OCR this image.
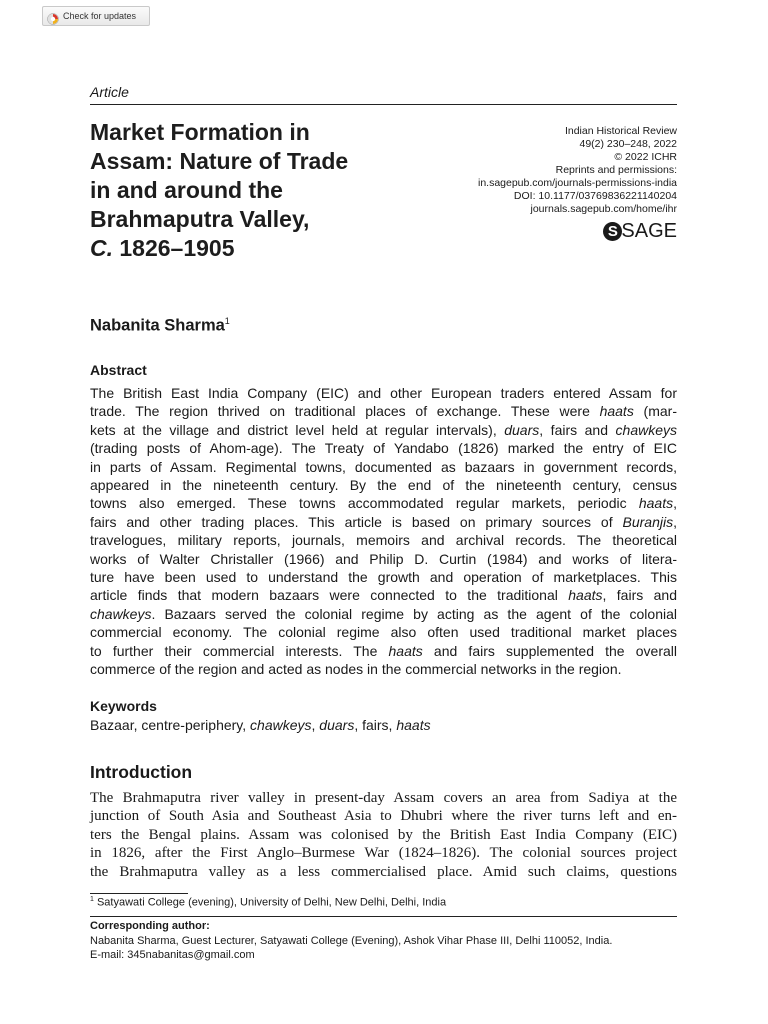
Check for updates
Article
Market Formation in
Assam: Nature of Trade
in and around the
Brahmaputra Valley,
C. 1826–1905
Indian Historical Review
49(2) 230–248, 2022
© 2022 ICHR
Reprints and permissions:
in.sagepub.com/journals-permissions-india
DOI: 10.1177/03769836221140204
journals.sagepub.com/home/ihr
S SAGE
Nabanita Sharma$^1$
Abstract
The British East India Company (EIC) and other European traders entered Assam for
trade. The region thrived on traditional places of exchange. These were haats (mar-
kets at the village and district level held at regular intervals), duars, fairs and chawkeys
(trading posts of Ahom-age). The Treaty of Yandabo (1826) marked the entry of EIC
in parts of Assam. Regimental towns, documented as bazaars in government records,
appeared in the nineteenth century. By the end of the nineteenth century, census
towns also emerged. These towns accommodated regular markets, periodic haats,
fairs and other trading places. This article is based on primary sources of Buranjis,
travelogues, military reports, journals, memoirs and archival records. The theoretical
works of Walter Christaller (1966) and Philip D. Curtin (1984) and works of litera-
ture have been used to understand the growth and operation of marketplaces. This
article finds that modern bazaars were connected to the traditional haats, fairs and
chawkeys. Bazaars served the colonial regime by acting as the agent of the colonial
commercial economy. The colonial regime also often used traditional market places
to further their commercial interests. The haats and fairs supplemented the overall
commerce of the region and acted as nodes in the commercial networks in the region.
Keywords
Bazaar, centre-periphery, chawkeys, duars, fairs, haats
Introduction
The Brahmaputra river valley in present-day Assam covers an area from Sadiya at the
junction of South Asia and Southeast Asia to Dhubri where the river turns left and en-
ters the Bengal plains. Assam was colonised by the British East India Company (EIC)
in 1826, after the First Anglo–Burmese War (1824–1826). The colonial sources project
the Brahmaputra valley as a less commercialised place. Amid such claims, questions
$^1$ Satyawati College (evening), University of Delhi, New Delhi, Delhi, India
Corresponding author:
Nabanita Sharma, Guest Lecturer, Satyawati College (Evening), Ashok Vihar Phase III, Delhi 110052, India.
E-mail: 345nabanitas@gmail.com
